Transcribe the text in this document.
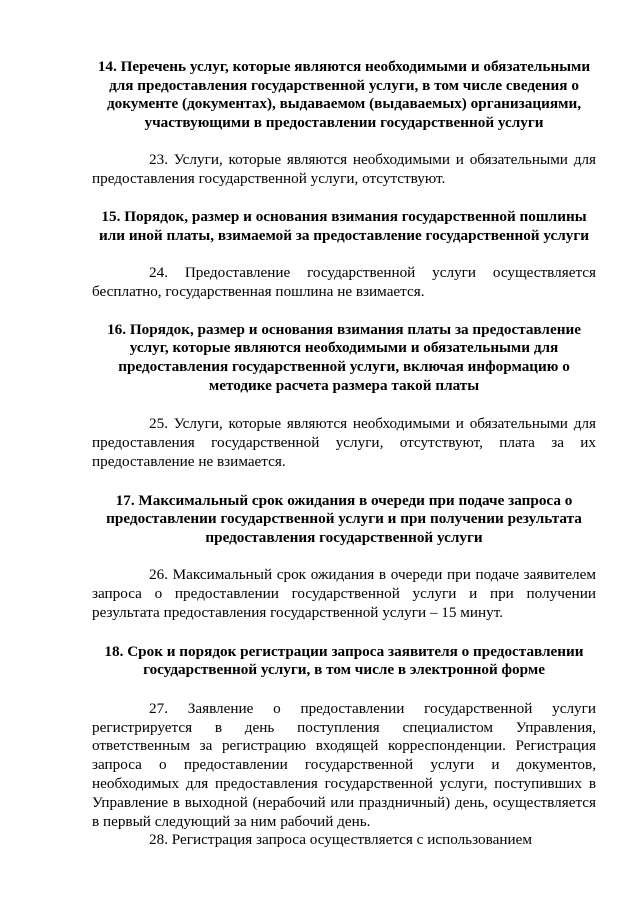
14. Перечень услуг, которые являются необходимыми и обязательными для предоставления государственной услуги, в том числе сведения о документе (документах), выдаваемом (выдаваемых) организациями, участвующими в предоставлении государственной услуги

23. Услуги, которые являются необходимыми и обязательными для предоставления государственной услуги, отсутствуют.

15. Порядок, размер и основания взимания государственной пошлины или иной платы, взимаемой за предоставление государственной услуги

24. Предоставление государственной услуги осуществляется бесплатно, государственная пошлина не взимается.

16. Порядок, размер и основания взимания платы за предоставление услуг, которые являются необходимыми и обязательными для предоставления государственной услуги, включая информацию о методике расчета размера такой платы

25. Услуги, которые являются необходимыми и обязательными для предоставления государственной услуги, отсутствуют, плата за их предоставление не взимается.

17. Максимальный срок ожидания в очереди при подаче запроса о предоставлении государственной услуги и при получении результата предоставления государственной услуги

26. Максимальный срок ожидания в очереди при подаче заявителем запроса о предоставлении государственной услуги и при получении результата предоставления государственной услуги – 15 минут.

18. Срок и порядок регистрации запроса заявителя о предоставлении государственной услуги, в том числе в электронной форме

27. Заявление о предоставлении государственной услуги регистрируется в день поступления специалистом Управления, ответственным за регистрацию входящей корреспонденции. Регистрация запроса о предоставлении государственной услуги и документов, необходимых для предоставления государственной услуги, поступивших в Управление в выходной (нерабочий или праздничный) день, осуществляется в первый следующий за ним рабочий день.

28. Регистрация запроса осуществляется с использованием
